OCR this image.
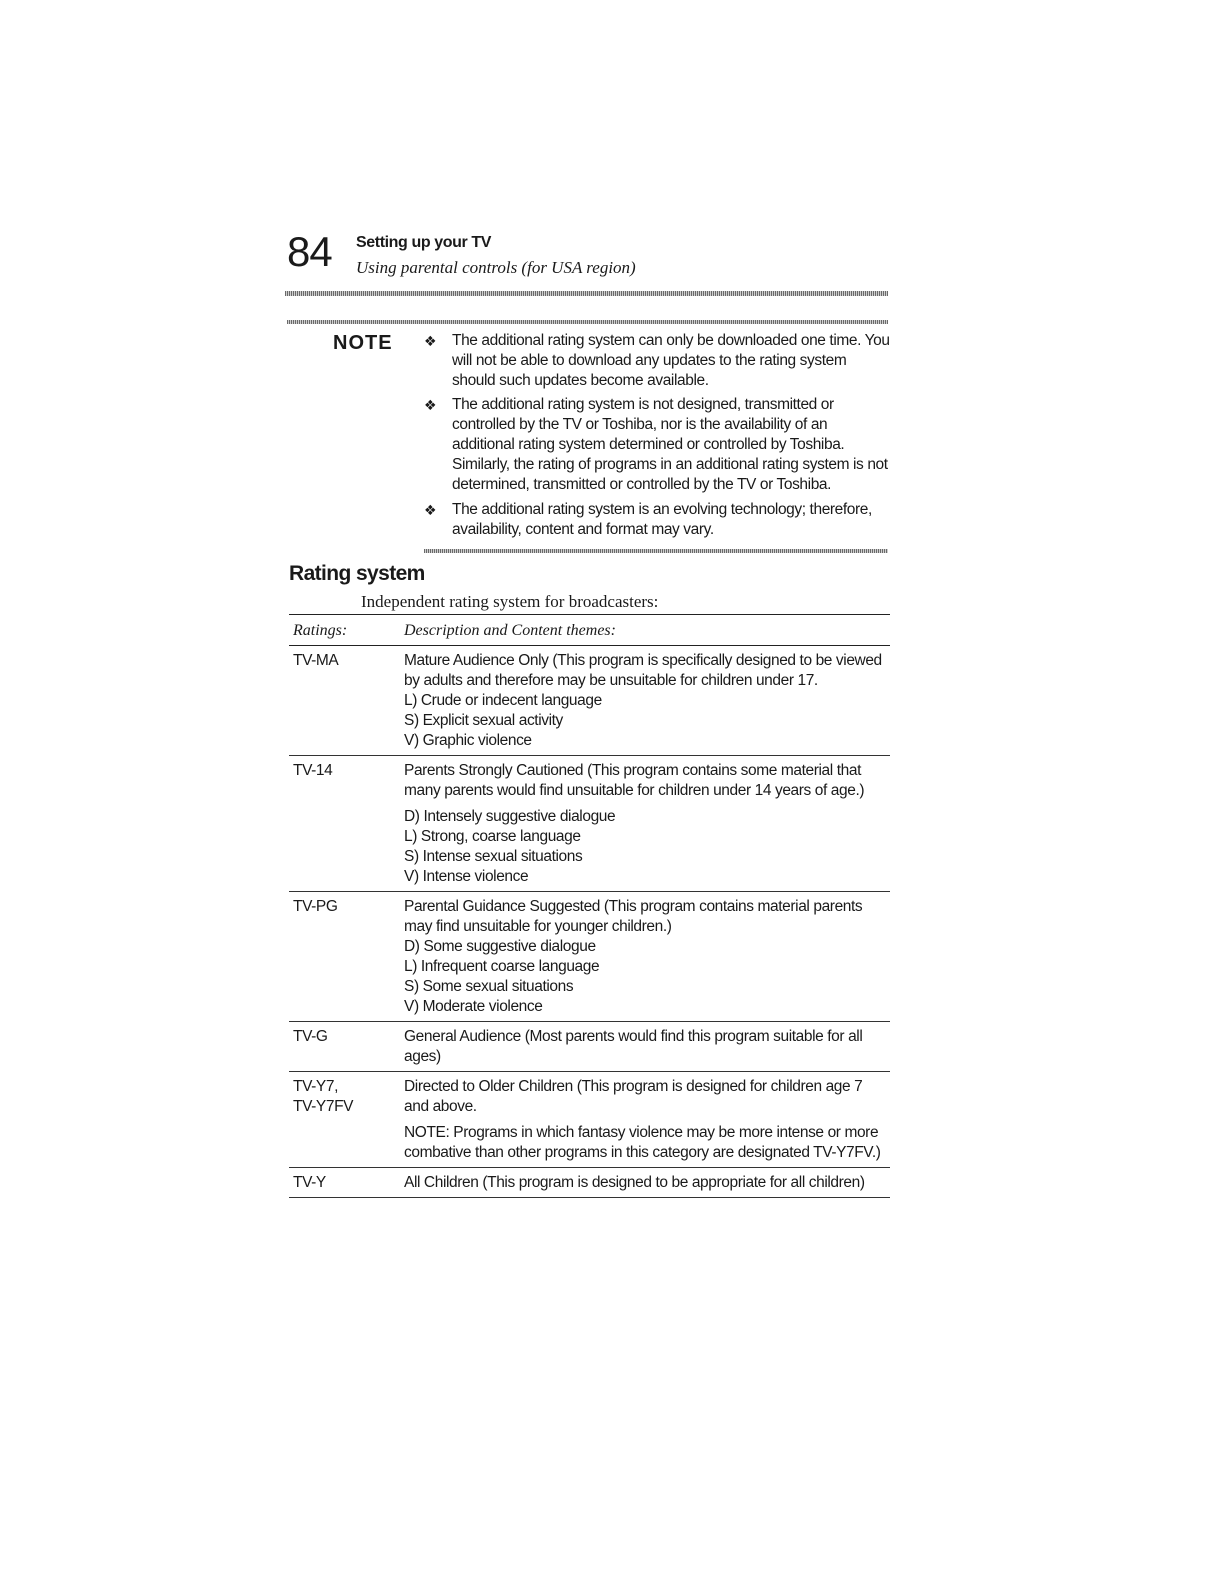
84 Setting up your TV
Using parental controls (for USA region)
NOTE ❖	The additional rating system can only be downloaded one time. You will not be able to download any updates to the rating system should such updates become available.
❖	The additional rating system is not designed, transmitted or controlled by the TV or Toshiba, nor is the availability of an additional rating system determined or controlled by Toshiba. Similarly, the rating of programs in an additional rating system is not determined, transmitted or controlled by the TV or Toshiba.
❖	The additional rating system is an evolving technology; therefore, availability, content and format may vary.
Rating system
Independent rating system for broadcasters:
Ratings:	Description and Content themes:

TV-MA	Mature Audience Only (This program is specifically designed to be viewed by adults and therefore may be unsuitable for children under 17.
L) Crude or indecent language
S) Explicit sexual activity
V) Graphic violence

TV-14	Parents Strongly Cautioned (This program contains some material that many parents would find unsuitable for children under 14 years of age.)
D) Intensely suggestive dialogue
L) Strong, coarse language
S) Intense sexual situations
V) Intense violence

TV-PG	Parental Guidance Suggested (This program contains material parents may find unsuitable for younger children.)
D) Some suggestive dialogue
L) Infrequent coarse language
S) Some sexual situations
V) Moderate violence

TV-G	General Audience (Most parents would find this program suitable for all ages)

TV-Y7,
TV-Y7FV	Directed to Older Children (This program is designed for children age 7 and above.
NOTE: Programs in which fantasy violence may be more intense or more combative than other programs in this category are designated TV-Y7FV.)

TV-Y	All Children (This program is designed to be appropriate for all children)
